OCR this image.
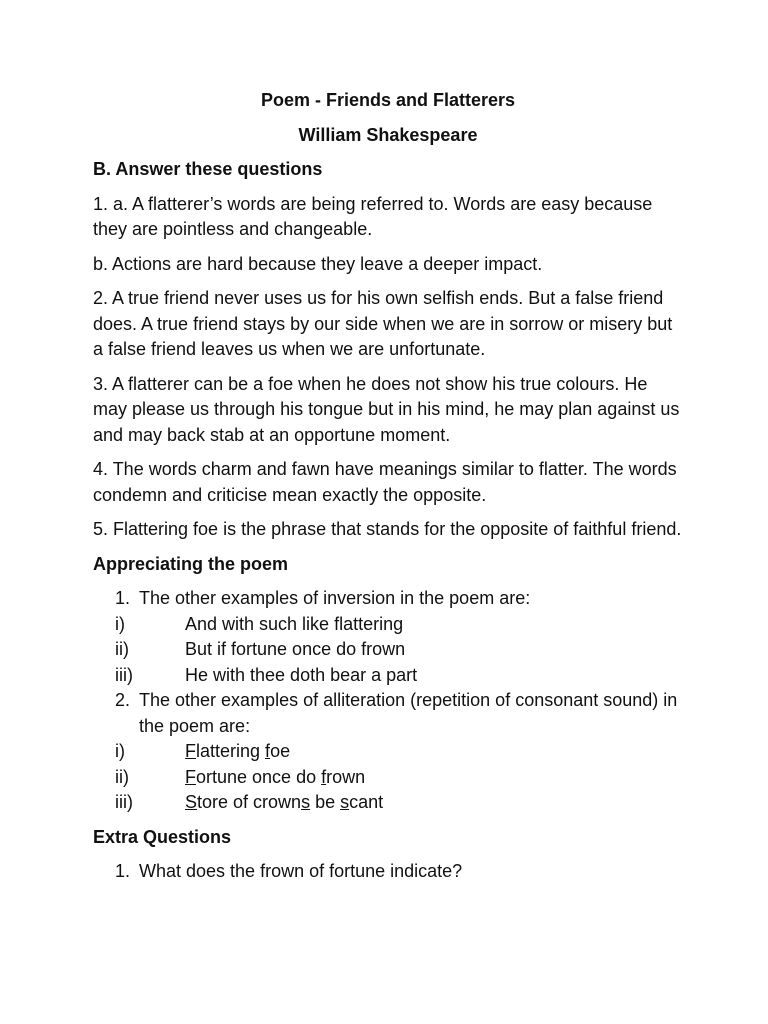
Poem - Friends and Flatterers
William Shakespeare
B. Answer these questions
1. a. A flatterer’s words are being referred to. Words are easy because they are pointless and changeable.
b. Actions are hard because they leave a deeper impact.
2. A true friend never uses us for his own selfish ends. But a false friend does. A true friend stays by our side when we are in sorrow or misery but a false friend leaves us when we are unfortunate.
3. A flatterer can be a foe when he does not show his true colours. He may please us through his tongue but in his mind, he may plan against us and may back stab at an opportune moment.
4. The words charm and fawn have meanings similar to flatter. The words condemn and criticise mean exactly the opposite.
5. Flattering foe is the phrase that stands for the opposite of faithful friend.
Appreciating the poem
1. The other examples of inversion in the poem are:
i)	And with such like flattering
ii)	But if fortune once do frown
iii)	He with thee doth bear a part
2. The other examples of alliteration (repetition of consonant sound) in the poem are:
i)	Flattering foe
ii)	Fortune once do frown
iii)	Store of crowns be scant
Extra Questions
1. What does the frown of fortune indicate?
